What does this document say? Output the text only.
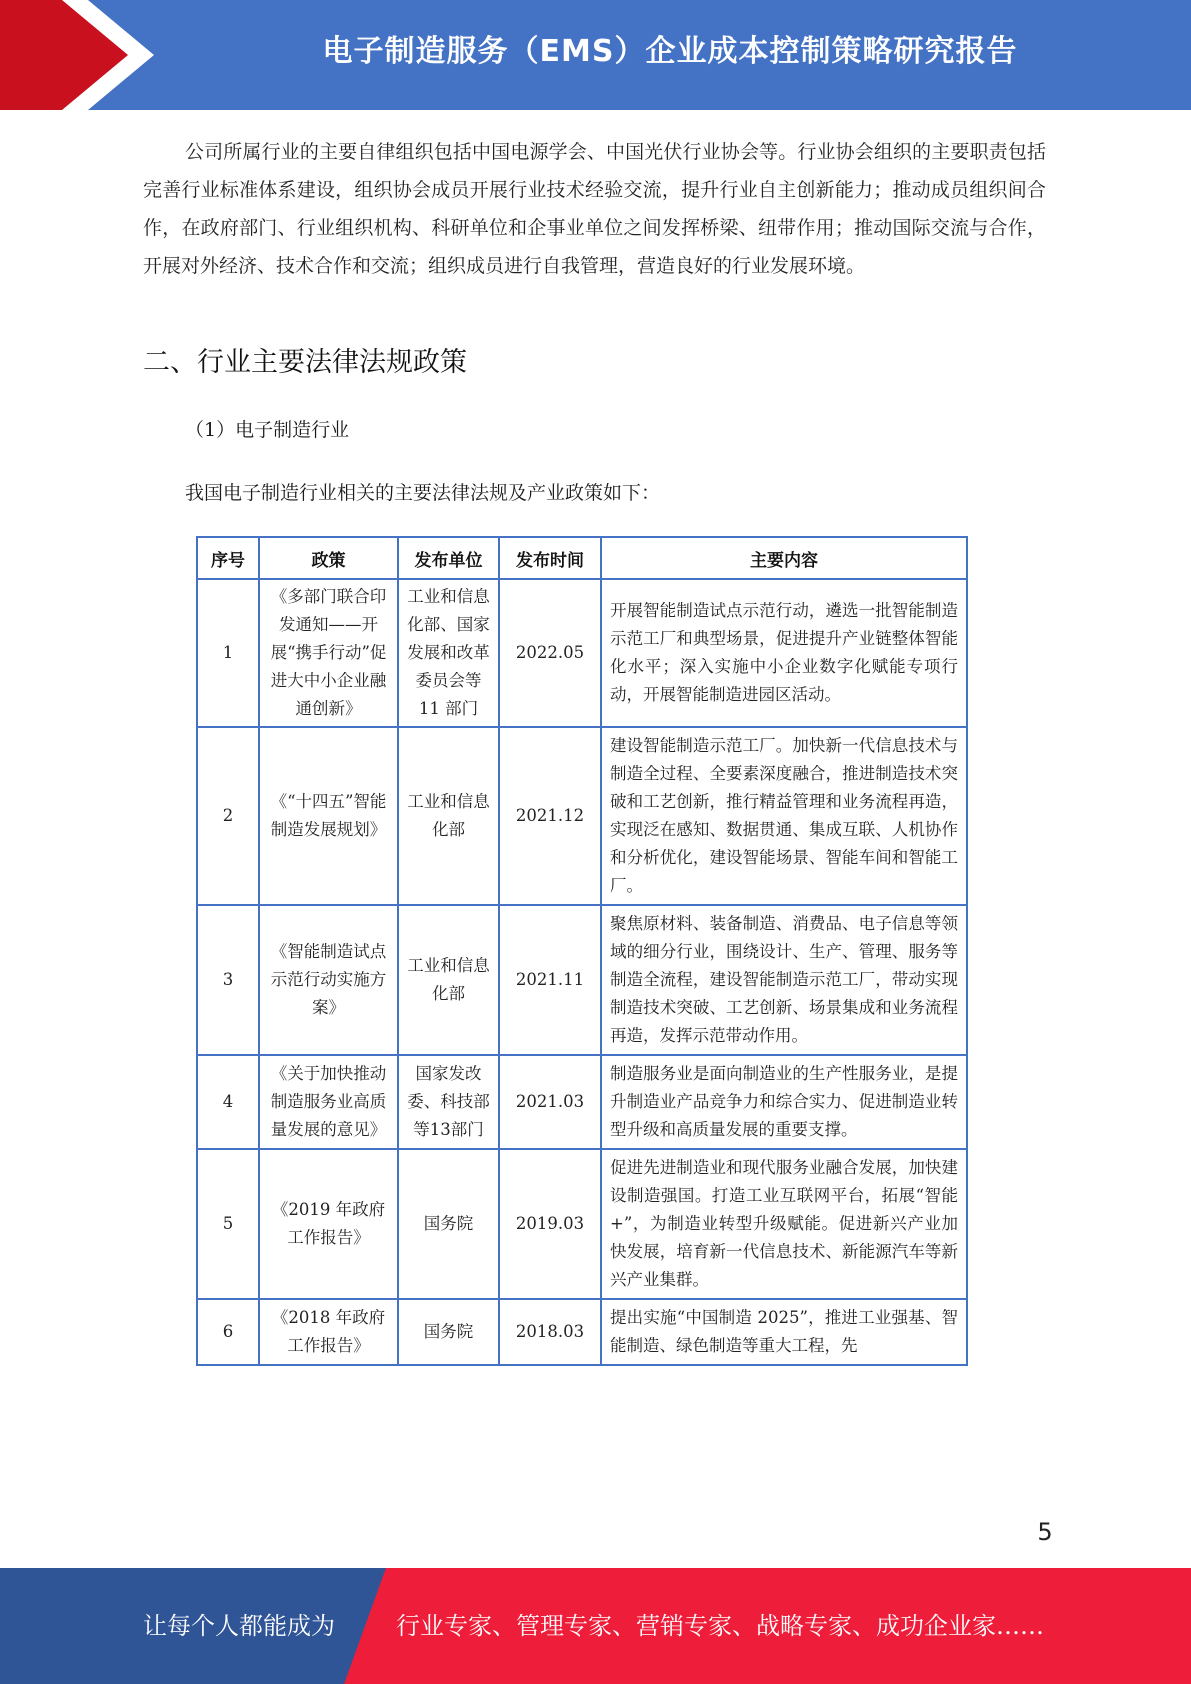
电子制造服务（EMS）企业成本控制策略研究报告
公司所属行业的主要自律组织包括中国电源学会、中国光伏行业协会等。行业协会组织的主要职责包括完善行业标准体系建设，组织协会成员开展行业技术经验交流，提升行业自主创新能力；推动成员组织间合作，在政府部门、行业组织机构、科研单位和企事业单位之间发挥桥梁、纽带作用；推动国际交流与合作，开展对外经济、技术合作和交流；组织成员进行自我管理，营造良好的行业发展环境。
二、行业主要法律法规政策
（1）电子制造行业
我国电子制造行业相关的主要法律法规及产业政策如下：
序号	政策	发布单位	发布时间	主要内容
1	《多部门联合印发通知——开展“携手行动”促进大中小企业融通创新》	工业和信息化部、国家发展和改革委员会等 11 部门	2022.05	开展智能制造试点示范行动，遴选一批智能制造示范工厂和典型场景，促进提升产业链整体智能化水平；深入实施中小企业数字化赋能专项行动，开展智能制造进园区活动。
2	《“十四五”智能制造发展规划》	工业和信息化部	2021.12	建设智能制造示范工厂。加快新一代信息技术与制造全过程、全要素深度融合，推进制造技术突破和工艺创新，推行精益管理和业务流程再造，实现泛在感知、数据贯通、集成互联、人机协作和分析优化，建设智能场景、智能车间和智能工厂。
3	《智能制造试点示范行动实施方案》	工业和信息化部	2021.11	聚焦原材料、装备制造、消费品、电子信息等领域的细分行业，围绕设计、生产、管理、服务等制造全流程，建设智能制造示范工厂，带动实现制造技术突破、工艺创新、场景集成和业务流程再造，发挥示范带动作用。
4	《关于加快推动制造服务业高质量发展的意见》	国家发改委、科技部等13部门	2021.03	制造服务业是面向制造业的生产性服务业，是提升制造业产品竞争力和综合实力、促进制造业转型升级和高质量发展的重要支撑。
5	《2019 年政府工作报告》	国务院	2019.03	促进先进制造业和现代服务业融合发展，加快建设制造强国。打造工业互联网平台，拓展“智能+”，为制造业转型升级赋能。促进新兴产业加快发展，培育新一代信息技术、新能源汽车等新兴产业集群。
6	《2018 年政府工作报告》	国务院	2018.03	提出实施“中国制造 2025”，推进工业强基、智能制造、绿色制造等重大工程，先
5
让每个人都能成为	行业专家、管理专家、营销专家、战略专家、成功企业家……
